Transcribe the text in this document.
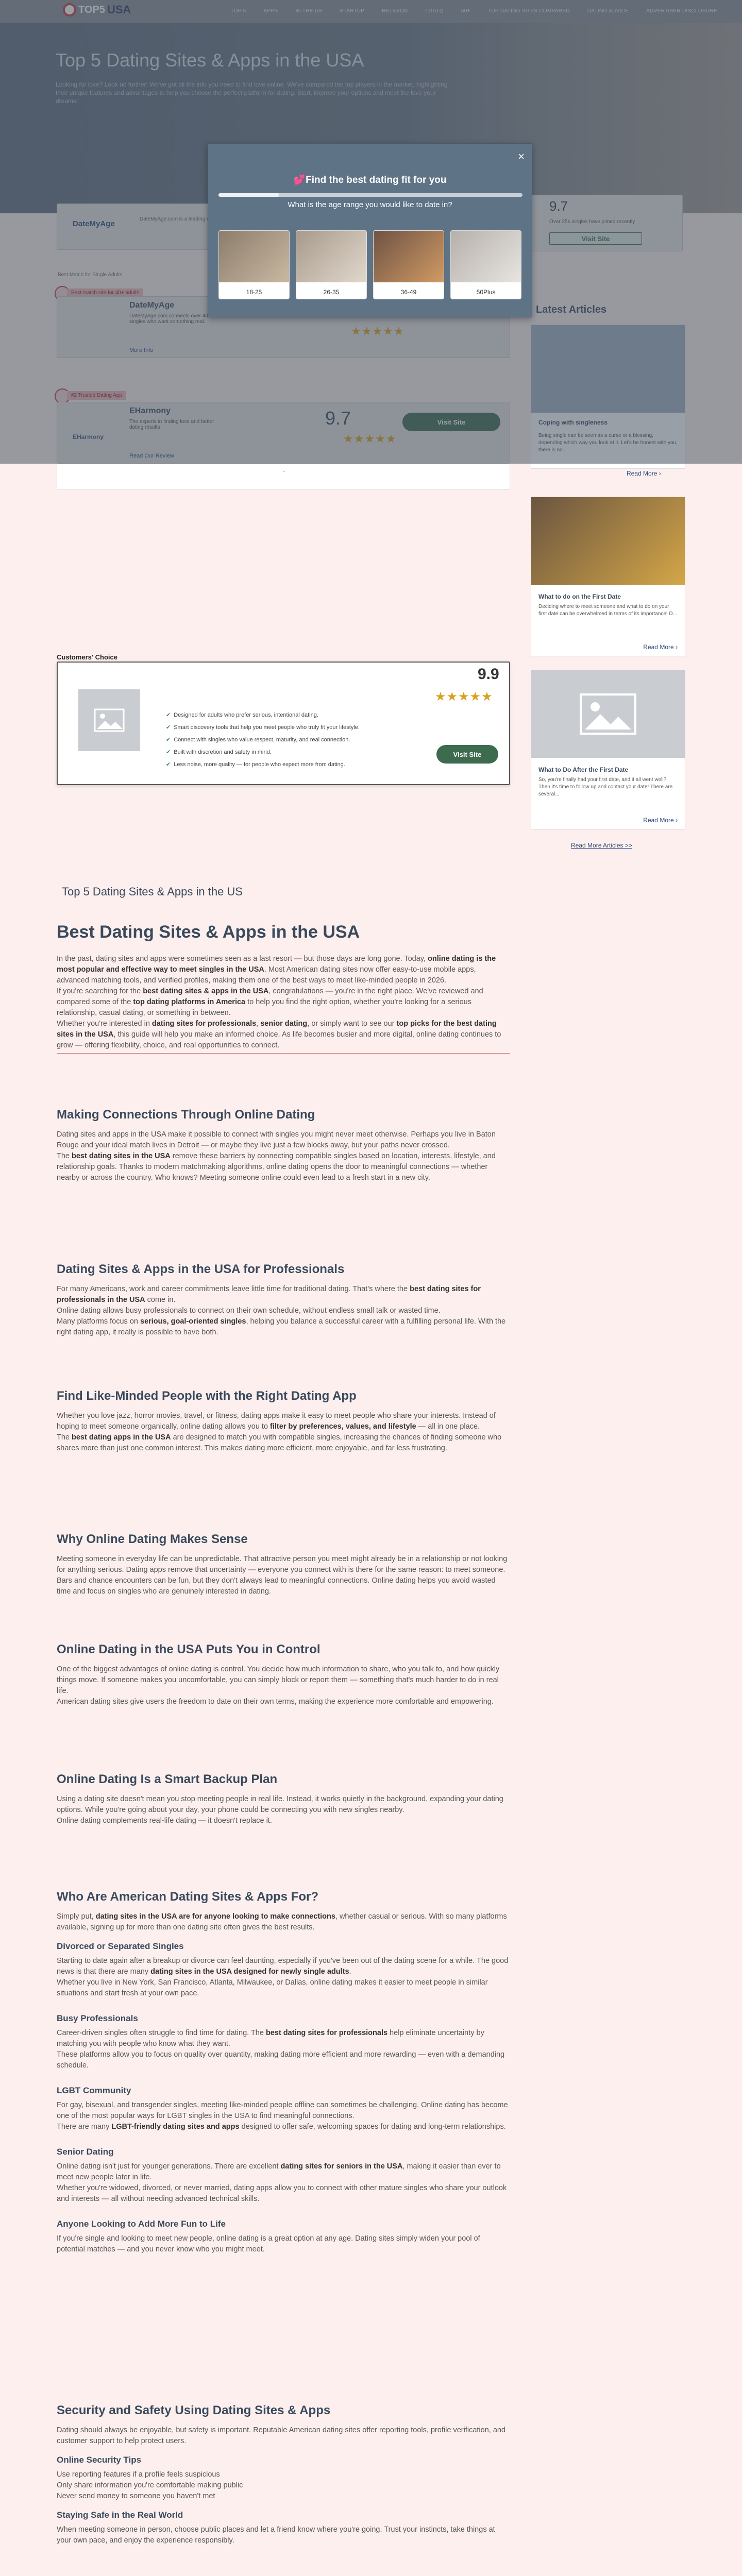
Read More ›
×
💕Find the best dating fit for you
What is the age range you would like to date in?
18-25	26-35	36-49	50Plus
⌄
What to do on the First Date
Deciding where to meet someone and what to do on your first date can be overwhelmed in terms of its importance! D...
Read More ›
What to Do After the First Date
So, you're finally had your first date, and it all went well? Then it's time to follow up and contact your date! There are several...
Read More ›
Read More Articles >>
Customers' Choice
✔ Designed for adults who prefer serious, intentional dating.
✔ Smart discovery tools that help you meet people who truly fit your lifestyle.
✔ Connect with singles who value respect, maturity, and real connection.
✔ Built with discretion and safety in mind.
✔ Less noise, more quality — for people who expect more from dating.
9.9
★★★★★
Visit Site
Top 5 Dating Sites & Apps in the US
Best Dating Sites & Apps in the USA

In the past, dating sites and apps were sometimes seen as a last resort — but those days are long gone. Today, online dating is the most popular and effective way to meet singles in the USA. Most American dating sites now offer easy-to-use mobile apps, advanced matching tools, and verified profiles, making them one of the best ways to meet like-minded people in 2026.

If you're searching for the best dating sites & apps in the USA, congratulations — you're in the right place. We've reviewed and compared some of the top dating platforms in America to help you find the right option, whether you're looking for a serious relationship, casual dating, or something in between.

Whether you're interested in dating sites for professionals, senior dating, or simply want to see our top picks for the best dating sites in the USA, this guide will help you make an informed choice. As life becomes busier and more digital, online dating continues to grow — offering flexibility, choice, and real opportunities to connect.

Making Connections Through Online Dating

Dating sites and apps in the USA make it possible to connect with singles you might never meet otherwise. Perhaps you live in Baton Rouge and your ideal match lives in Detroit — or maybe they live just a few blocks away, but your paths never crossed.

The best dating sites in the USA remove these barriers by connecting compatible singles based on location, interests, lifestyle, and relationship goals. Thanks to modern matchmaking algorithms, online dating opens the door to meaningful connections — whether nearby or across the country. Who knows? Meeting someone online could even lead to a fresh start in a new city.

Dating Sites & Apps in the USA for Professionals

For many Americans, work and career commitments leave little time for traditional dating. That's where the best dating sites for professionals in the USA come in.

Online dating allows busy professionals to connect on their own schedule, without endless small talk or wasted time.

Many platforms focus on serious, goal-oriented singles, helping you balance a successful career with a fulfilling personal life. With the right dating app, it really is possible to have both.

Find Like-Minded People with the Right Dating App

Whether you love jazz, horror movies, travel, or fitness, dating apps make it easy to meet people who share your interests. Instead of hoping to meet someone organically, online dating allows you to filter by preferences, values, and lifestyle — all in one place.

The best dating apps in the USA are designed to match you with compatible singles, increasing the chances of finding someone who shares more than just one common interest. This makes dating more efficient, more enjoyable, and far less frustrating.

Why Online Dating Makes Sense

Meeting someone in everyday life can be unpredictable. That attractive person you meet might already be in a relationship or not looking for anything serious. Dating apps remove that uncertainty — everyone you connect with is there for the same reason: to meet someone.

Bars and chance encounters can be fun, but they don't always lead to meaningful connections. Online dating helps you avoid wasted time and focus on singles who are genuinely interested in dating.

Online Dating in the USA Puts You in Control

One of the biggest advantages of online dating is control. You decide how much information to share, who you talk to, and how quickly things move. If someone makes you uncomfortable, you can simply block or report them — something that's much harder to do in real life.

American dating sites give users the freedom to date on their own terms, making the experience more comfortable and empowering.

Online Dating Is a Smart Backup Plan

Using a dating site doesn't mean you stop meeting people in real life. Instead, it works quietly in the background, expanding your dating options. While you're going about your day, your phone could be connecting you with new singles nearby.

Online dating complements real-life dating — it doesn't replace it.

Who Are American Dating Sites & Apps For?

Simply put, dating sites in the USA are for anyone looking to make connections, whether casual or serious. With so many platforms available, signing up for more than one dating site often gives the best results.

Divorced or Separated Singles

Starting to date again after a breakup or divorce can feel daunting, especially if you've been out of the dating scene for a while. The good news is that there are many dating sites in the USA designed for newly single adults.

Whether you live in New York, San Francisco, Atlanta, Milwaukee, or Dallas, online dating makes it easier to meet people in similar situations and start fresh at your own pace.

Busy Professionals

Career-driven singles often struggle to find time for dating. The best dating sites for professionals help eliminate uncertainty by matching you with people who know what they want.

These platforms allow you to focus on quality over quantity, making dating more efficient and more rewarding — even with a demanding schedule.

LGBT Community

For gay, bisexual, and transgender singles, meeting like-minded people offline can sometimes be challenging. Online dating has become one of the most popular ways for LGBT singles in the USA to find meaningful connections.

There are many LGBT-friendly dating sites and apps designed to offer safe, welcoming spaces for dating and long-term relationships.

Senior Dating

Online dating isn't just for younger generations. There are excellent dating sites for seniors in the USA, making it easier than ever to meet new people later in life.

Whether you're widowed, divorced, or never married, dating apps allow you to connect with other mature singles who share your outlook and interests — all without needing advanced technical skills.

Anyone Looking to Add More Fun to Life

If you're single and looking to meet new people, online dating is a great option at any age. Dating sites simply widen your pool of potential matches — and you never know who you might meet.

Security and Safety Using Dating Sites & Apps

Dating should always be enjoyable, but safety is important. Reputable American dating sites offer reporting tools, profile verification, and customer support to help protect users.

Online Security Tips

Use reporting features if a profile feels suspicious

Only share information you're comfortable making public

Never send money to someone you haven't met

Staying Safe in the Real World

When meeting someone in person, choose public places and let a friend know where you're going. Trust your instincts, take things at your own pace, and enjoy the experience responsibly.
